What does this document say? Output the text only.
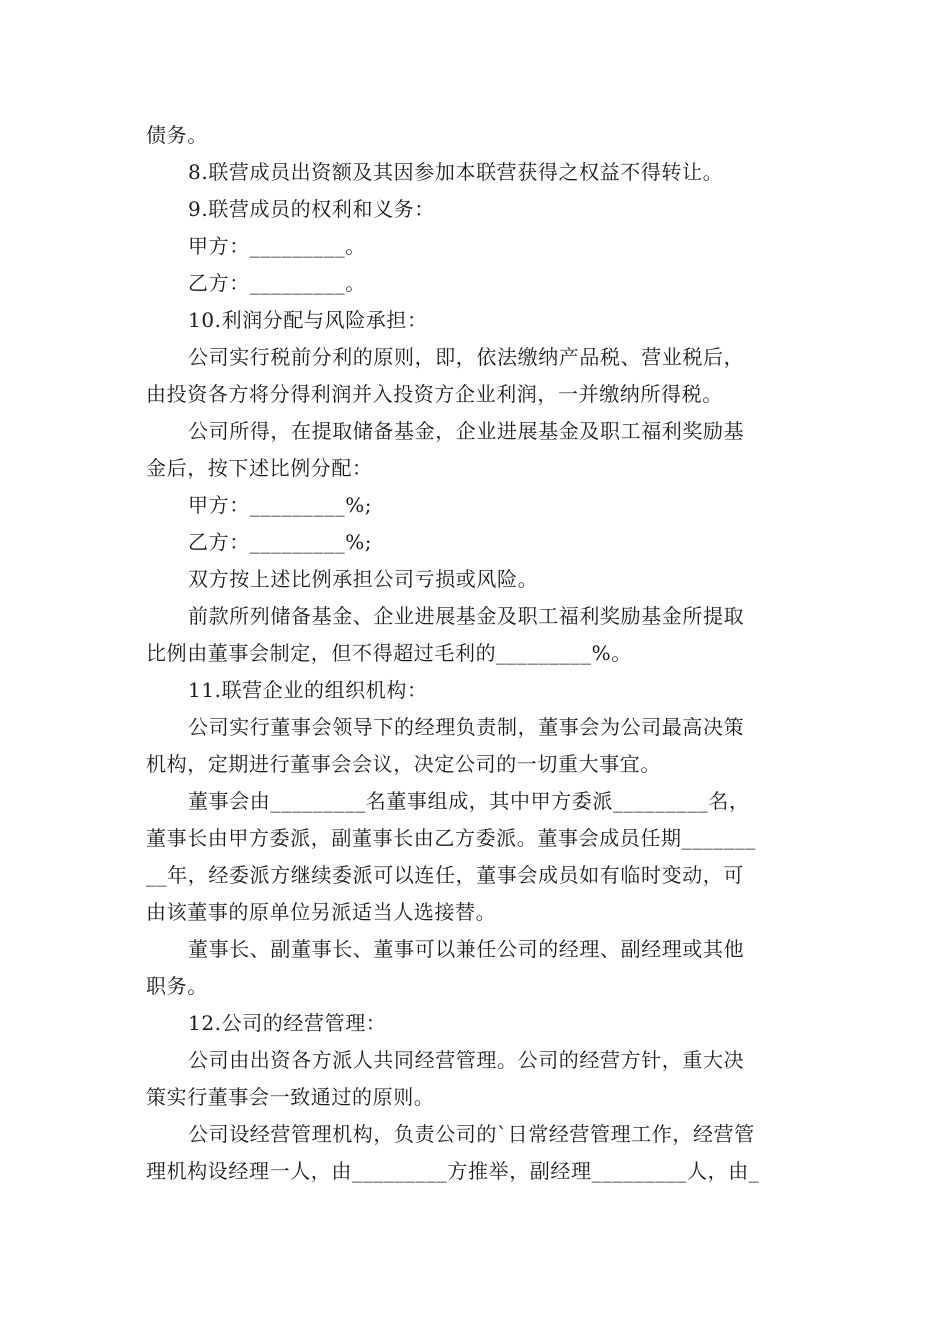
债务。
8.联营成员出资额及其因参加本联营获得之权益不得转让。
9.联营成员的权利和义务：
甲方：_________。
乙方：_________。
10.利润分配与风险承担：
公司实行税前分利的原则，即，依法缴纳产品税、营业税后，
由投资各方将分得利润并入投资方企业利润，一并缴纳所得税。
公司所得，在提取储备基金，企业进展基金及职工福利奖励基
金后，按下述比例分配：
甲方：_________%;
乙方：_________%;
双方按上述比例承担公司亏损或风险。
前款所列储备基金、企业进展基金及职工福利奖励基金所提取
比例由董事会制定，但不得超过毛利的_________%。
11.联营企业的组织机构：
公司实行董事会领导下的经理负责制，董事会为公司最高决策
机构，定期进行董事会会议，决定公司的一切重大事宜。
董事会由_________名董事组成，其中甲方委派_________名，
董事长由甲方委派，副董事长由乙方委派。董事会成员任期_______
__年，经委派方继续委派可以连任，董事会成员如有临时变动，可
由该董事的原单位另派适当人选接替。
董事长、副董事长、董事可以兼任公司的经理、副经理或其他
职务。
12.公司的经营管理：
公司由出资各方派人共同经营管理。公司的经营方针，重大决
策实行董事会一致通过的原则。
公司设经营管理机构，负责公司的`日常经营管理工作，经营管
理机构设经理一人，由_________方推举，副经理_________人，由_
